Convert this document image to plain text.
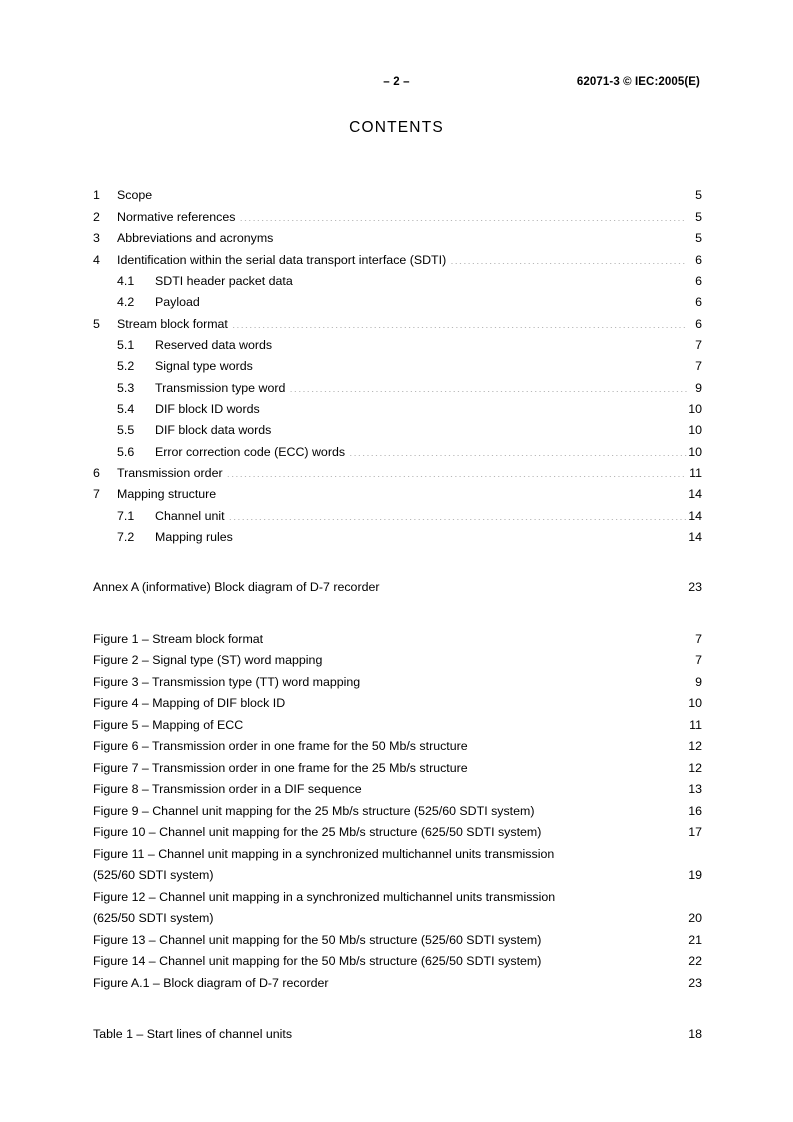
– 2 –	62071-3 © IEC:2005(E)
CONTENTS
1	Scope .....	5
2	Normative references .....	5
3	Abbreviations and acronyms .....	5
4	Identification within the serial data transport interface (SDTI) .....	6
4.1	SDTI header packet data .....	6
4.2	Payload .....	6
5	Stream block format .....	6
5.1	Reserved data words .....	7
5.2	Signal type words .....	7
5.3	Transmission type word .....	9
5.4	DIF block ID words .....	10
5.5	DIF block data words .....	10
5.6	Error correction code (ECC) words .....	10
6	Transmission order .....	11
7	Mapping structure .....	14
7.1	Channel unit .....	14
7.2	Mapping rules .....	14
Annex A (informative) Block diagram of D-7 recorder .....	23
Figure 1 – Stream block format .....	7
Figure 2 – Signal type (ST) word mapping .....	7
Figure 3 – Transmission type (TT) word mapping .....	9
Figure 4 – Mapping of DIF block ID .....	10
Figure 5 – Mapping of ECC .....	11
Figure 6 – Transmission order in one frame for the 50 Mb/s structure .....	12
Figure 7 – Transmission order in one frame for the 25 Mb/s structure .....	12
Figure 8 – Transmission order in a DIF sequence .....	13
Figure 9 – Channel unit mapping for the 25 Mb/s structure (525/60 SDTI system) .....	16
Figure 10 – Channel unit mapping for the 25 Mb/s structure (625/50 SDTI system) .....	17
Figure 11 – Channel unit mapping in a synchronized multichannel units transmission
(525/60 SDTI system) .....	19
Figure 12 – Channel unit mapping in a synchronized multichannel units transmission
(625/50 SDTI system) .....	20
Figure 13 – Channel unit mapping for the 50 Mb/s structure (525/60 SDTI system) .....	21
Figure 14 – Channel unit mapping for the 50 Mb/s structure (625/50 SDTI system) .....	22
Figure A.1 – Block diagram of D-7 recorder .....	23
Table 1 – Start lines of channel units .....	18
